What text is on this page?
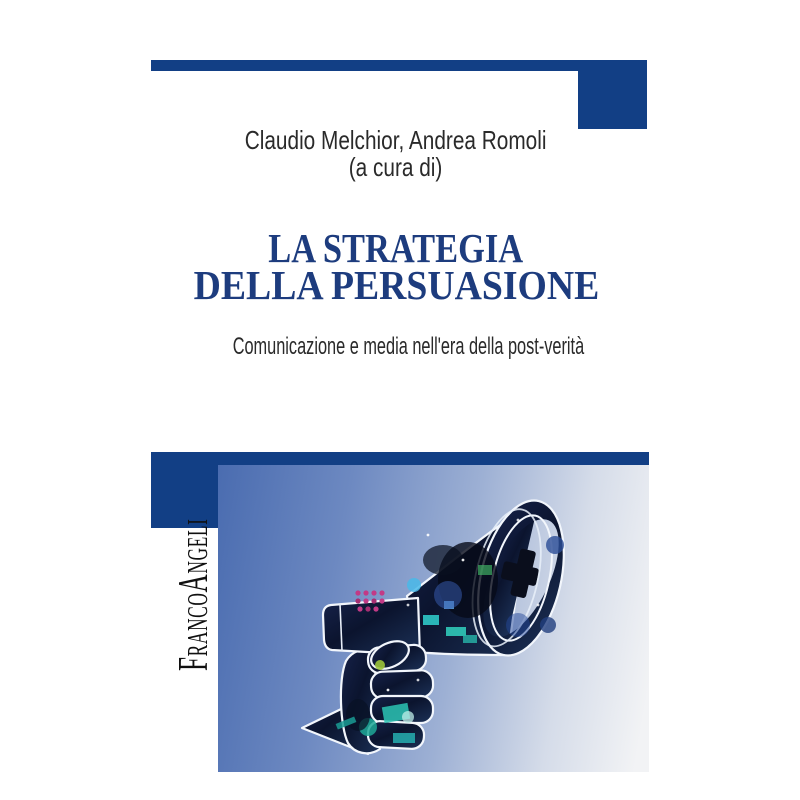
Claudio Melchior, Andrea Romoli
(a cura di)
LA STRATEGIA
DELLA PERSUASIONE
Comunicazione e media nell'era della post-verità
FrancoAngeli
